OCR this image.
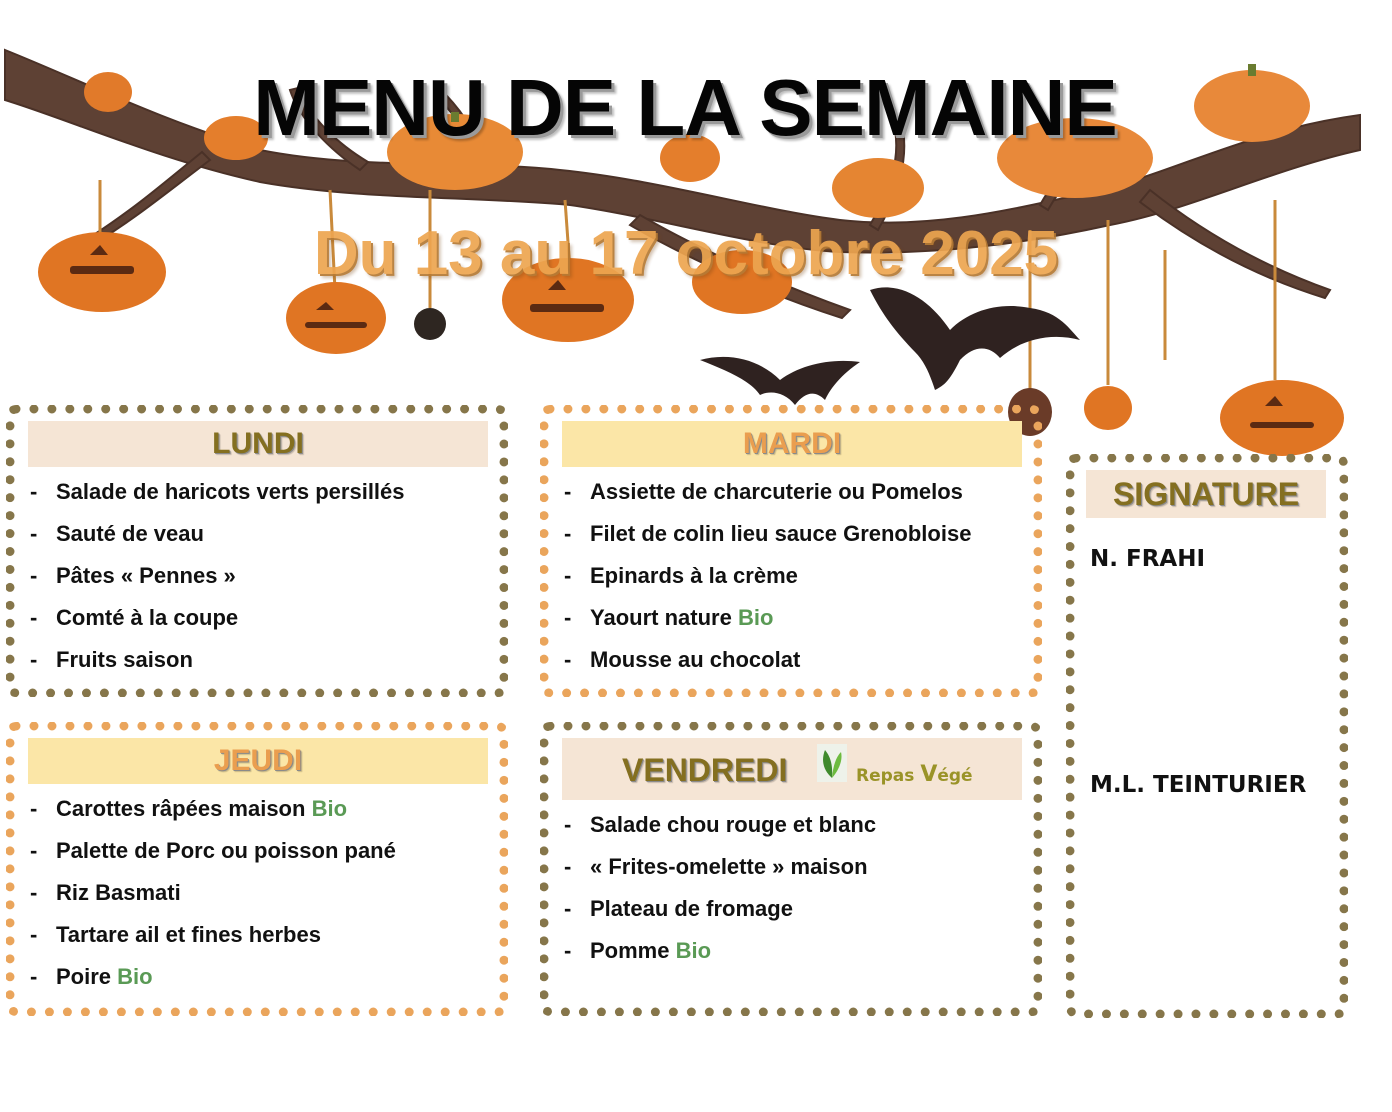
MENU DE LA SEMAINE
Du 13 au 17 octobre 2025
LUNDI
- Salade de haricots verts persillés
- Sauté de veau
- Pâtes « Pennes »
- Comté à la coupe
- Fruits saison
MARDI
- Assiette de charcuterie ou Pomelos
- Filet de colin lieu sauce Grenobloise
- Epinards à la crème
- Yaourt nature Bio
- Mousse au chocolat
JEUDI
- Carottes râpées maison Bio
- Palette de Porc ou poisson pané
- Riz Basmati
- Tartare ail et fines herbes
- Poire Bio
VENDREDI	Repas Végé
- Salade chou rouge et blanc
- « Frites-omelette » maison
- Plateau de fromage
- Pomme Bio
SIGNATURE
N. FRAHI
M.L. TEINTURIER
